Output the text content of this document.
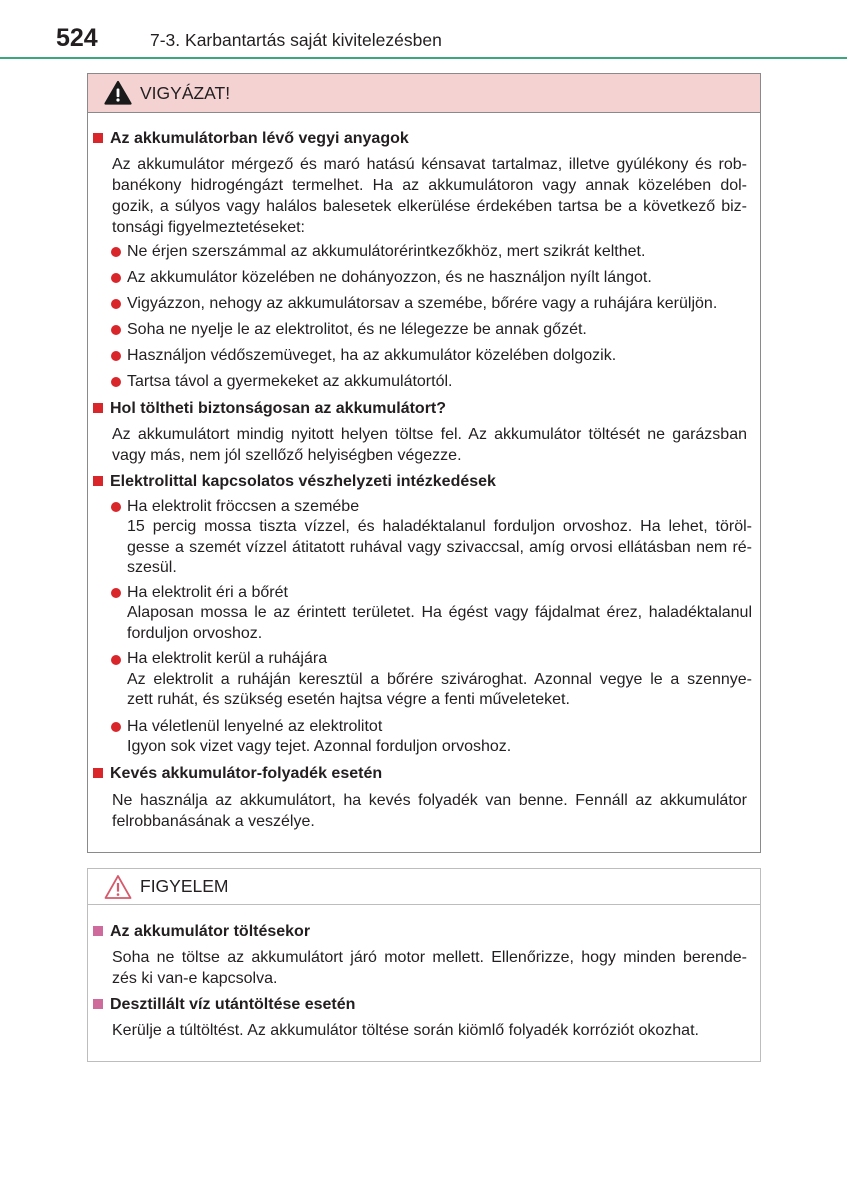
524	7-3. Karbantartás saját kivitelezésben
VIGYÁZAT!
Az akkumulátorban lévő vegyi anyagok
Az akkumulátor mérgező és maró hatású kénsavat tartalmaz, illetve gyúlékony és rob-
banékony hidrogéngázt termelhet. Ha az akkumulátoron vagy annak közelében dol-
gozik, a súlyos vagy halálos balesetek elkerülése érdekében tartsa be a következő biz-
tonsági figyelmeztetéseket:
Ne érjen szerszámmal az akkumulátorérintkezőkhöz, mert szikrát kelthet.
Az akkumulátor közelében ne dohányozzon, és ne használjon nyílt lángot.
Vigyázzon, nehogy az akkumulátorsav a szemébe, bőrére vagy a ruhájára kerüljön.
Soha ne nyelje le az elektrolitot, és ne lélegezze be annak gőzét.
Használjon védőszemüveget, ha az akkumulátor közelében dolgozik.
Tartsa távol a gyermekeket az akkumulátortól.
Hol töltheti biztonságosan az akkumulátort?
Az akkumulátort mindig nyitott helyen töltse fel. Az akkumulátor töltését ne garázsban
vagy más, nem jól szellőző helyiségben végezze.
Elektrolittal kapcsolatos vészhelyzeti intézkedések
Ha elektrolit fröccsen a szemébe
15 percig mossa tiszta vízzel, és haladéktalanul forduljon orvoshoz. Ha lehet, töröl-
gesse a szemét vízzel átitatott ruhával vagy szivaccsal, amíg orvosi ellátásban nem ré-
szesül.
Ha elektrolit éri a bőrét
Alaposan mossa le az érintett területet. Ha égést vagy fájdalmat érez, haladéktalanul
forduljon orvoshoz.
Ha elektrolit kerül a ruhájára
Az elektrolit a ruháján keresztül a bőrére szivároghat. Azonnal vegye le a szennye-
zett ruhát, és szükség esetén hajtsa végre a fenti műveleteket.
Ha véletlenül lenyelné az elektrolitot
Igyon sok vizet vagy tejet. Azonnal forduljon orvoshoz.
Kevés akkumulátor-folyadék esetén
Ne használja az akkumulátort, ha kevés folyadék van benne. Fennáll az akkumulátor
felrobbanásának a veszélye.
FIGYELEM
Az akkumulátor töltésekor
Soha ne töltse az akkumulátort járó motor mellett. Ellenőrizze, hogy minden berende-
zés ki van-e kapcsolva.
Desztillált víz utántöltése esetén
Kerülje a túltöltést. Az akkumulátor töltése során kiömlő folyadék korróziót okozhat.
